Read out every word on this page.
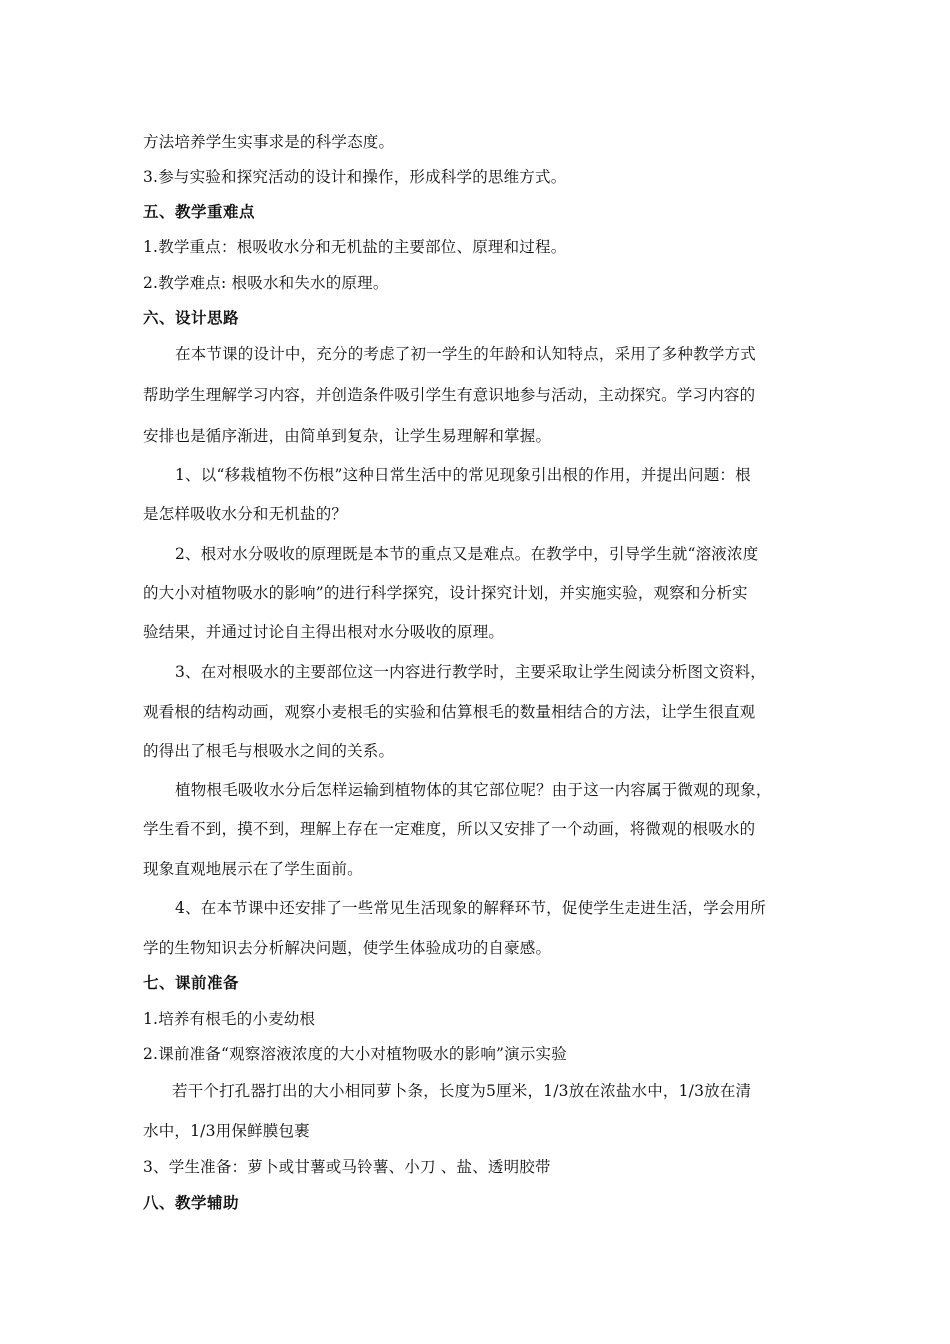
方法培养学生实事求是的科学态度。
3.参与实验和探究活动的设计和操作，形成科学的思维方式。
五、教学重难点
1.教学重点：根吸收水分和无机盐的主要部位、原理和过程。
2.教学难点: 根吸水和失水的原理。
六、设计思路
在本节课的设计中，充分的考虑了初一学生的年龄和认知特点，采用了多种教学方式
帮助学生理解学习内容，并创造条件吸引学生有意识地参与活动，主动探究。学习内容的
安排也是循序渐进，由简单到复杂，让学生易理解和掌握。
1、以“移栽植物不伤根”这种日常生活中的常见现象引出根的作用，并提出问题：根
是怎样吸收水分和无机盐的？
2、根对水分吸收的原理既是本节的重点又是难点。在教学中，引导学生就“溶液浓度
的大小对植物吸水的影响”的进行科学探究，设计探究计划，并实施实验，观察和分析实
验结果，并通过讨论自主得出根对水分吸收的原理。
3、在对根吸水的主要部位这一内容进行教学时，主要采取让学生阅读分析图文资料，
观看根的结构动画，观察小麦根毛的实验和估算根毛的数量相结合的方法，让学生很直观
的得出了根毛与根吸水之间的关系。
植物根毛吸收水分后怎样运输到植物体的其它部位呢？由于这一内容属于微观的现象，
学生看不到，摸不到，理解上存在一定难度，所以又安排了一个动画，将微观的根吸水的
现象直观地展示在了学生面前。
4、在本节课中还安排了一些常见生活现象的解释环节，促使学生走进生活，学会用所
学的生物知识去分析解决问题，使学生体验成功的自豪感。
七、课前准备
1.培养有根毛的小麦幼根
2.课前准备“观察溶液浓度的大小对植物吸水的影响”演示实验
若干个打孔器打出的大小相同萝卜条，长度为5厘米，1/3放在浓盐水中，1/3放在清
水中，1/3用保鲜膜包裹
3、学生准备：萝卜或甘薯或马铃薯、小刀 、盐、透明胶带
八、教学辅助
